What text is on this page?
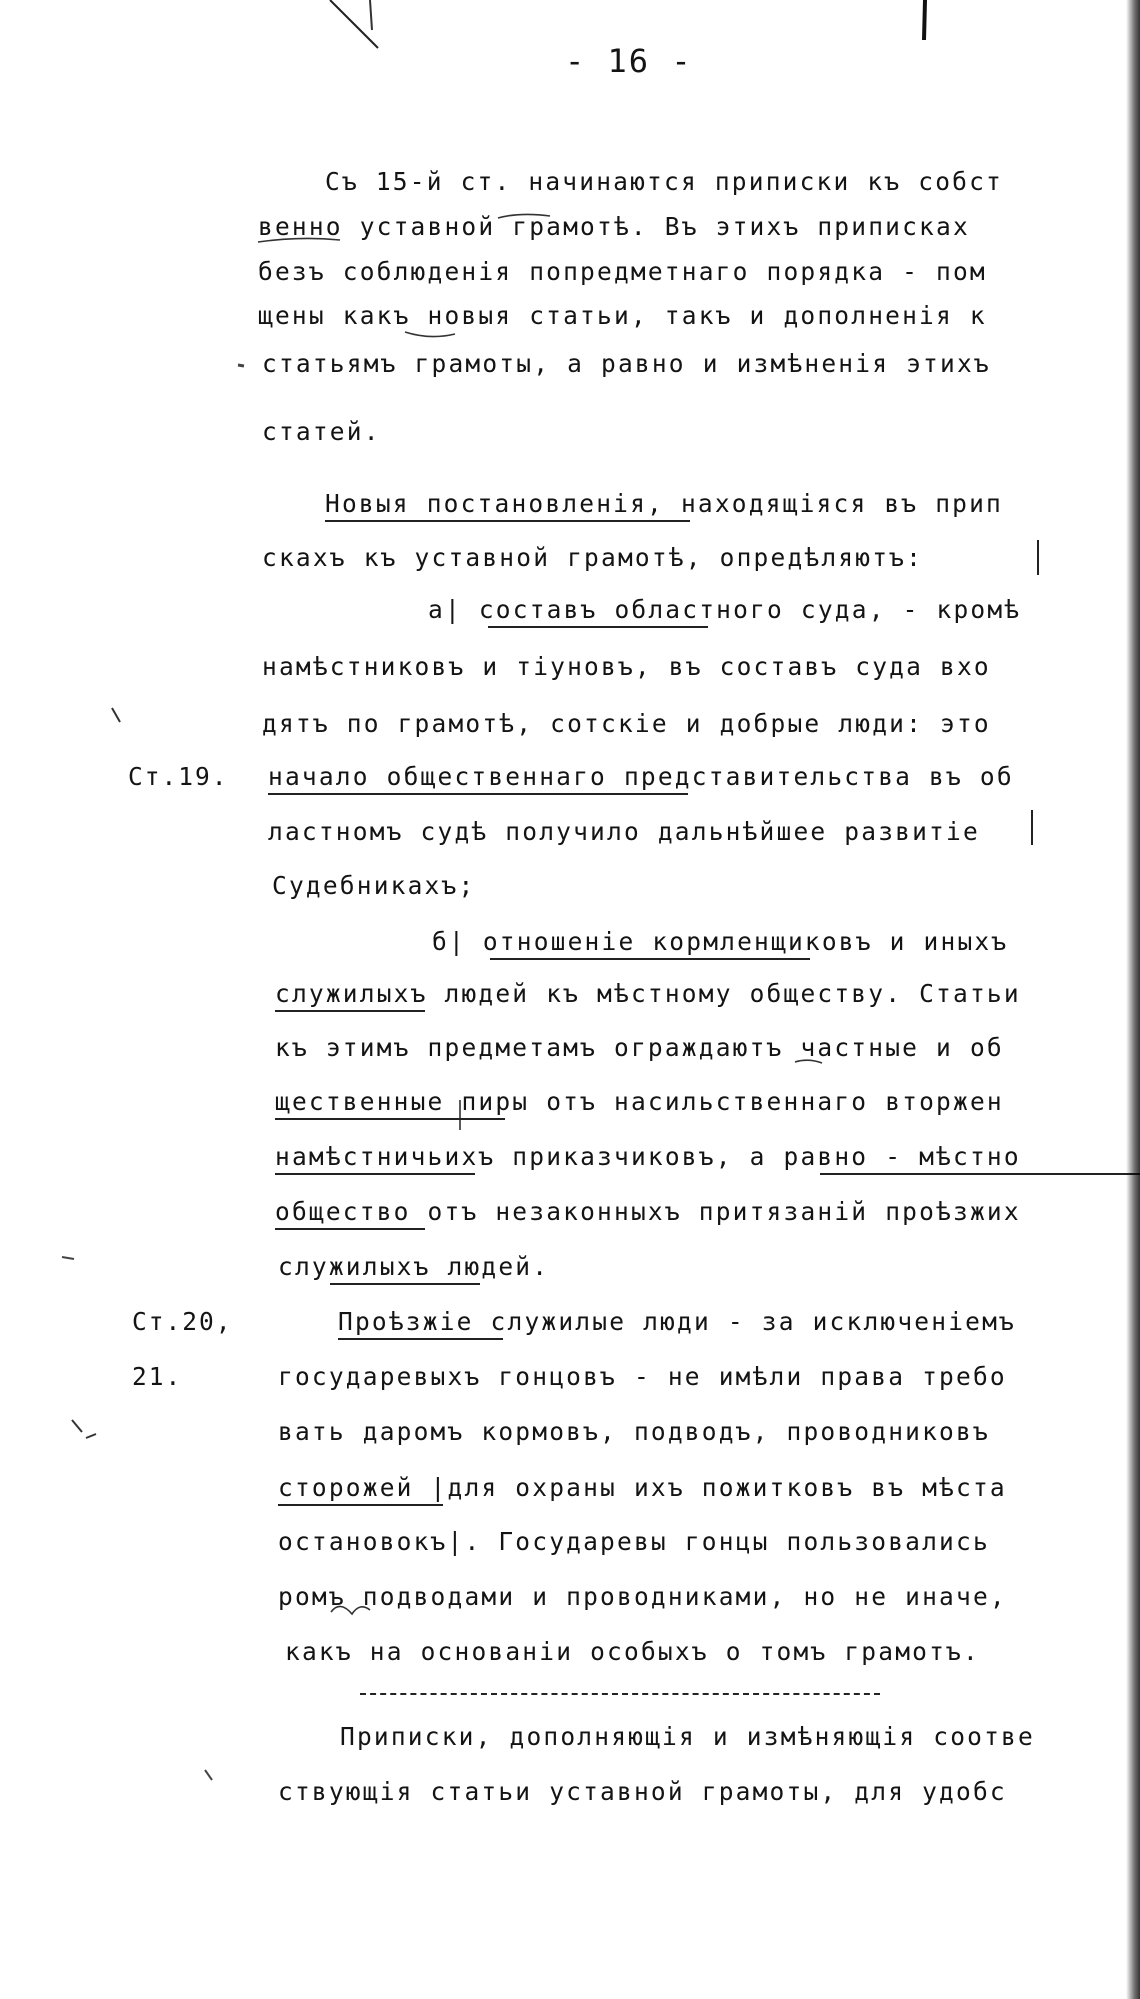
- 16 -
Съ 15-й ст. начинаются приписки къ собст
венно уставной грамотѣ. Въ этихъ приписках
безъ соблюденія попредметнаго порядка - пом
щены какъ новыя статьи, такъ и дополненія к
статьямъ грамоты, а равно и измѣненія этихъ
статей.
Новыя постановленія, находящіяся въ прип
скахъ къ уставной грамотѣ, опредѣляютъ:
а| составъ областного суда, - кромѣ
намѣстниковъ и тіуновъ, въ составъ суда вхо
дятъ по грамотѣ, сотскіе и добрые люди: это
начало общественнаго представительства въ об
ластномъ судѣ получило дальнѣйшее развитіе
Судебникахъ;
б| отношеніе кормленщиковъ и иныхъ
служилыхъ людей къ мѣстному обществу. Статьи
къ этимъ предметамъ ограждаютъ частные и об
щественные пиры отъ насильственнаго вторжен
намѣстничьихъ приказчиковъ, а равно - мѣстно
общество отъ незаконныхъ притязаній проѣзжих
служилыхъ людей.
Проѣзжіе служилые люди - за исключеніемъ
государевыхъ гонцовъ - не имѣли права требо
вать даромъ кормовъ, подводъ, проводниковъ
сторожей |для охраны ихъ пожитковъ въ мѣста
остановокъ|. Государевы гонцы пользовались
ромъ подводами и проводниками, но не иначе,
какъ на основаніи особыхъ о томъ грамотъ.
Приписки, дополняющія и измѣняющія соотве
ствующія статьи уставной грамоты, для удобс
Ст.19.
Ст.20,
21.
